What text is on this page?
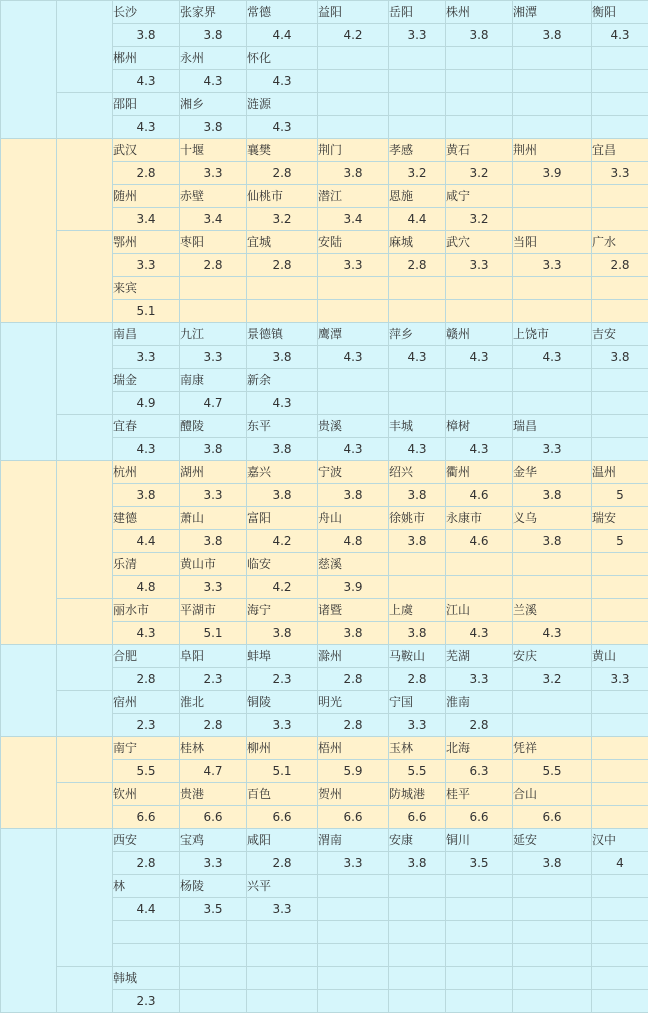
		长沙	张家界	常德	益阳	岳阳	株州	湘潭	衡阳
		3.8	3.8	4.4	4.2	3.3	3.8	3.8	4.3
		郴州	永州	怀化					
		4.3	4.3	4.3					
		邵阳	湘乡	涟源					
		4.3	3.8	4.3					
		武汉	十堰	襄樊	荆门	孝感	黄石	荆州	宜昌
		2.8	3.3	2.8	3.8	3.2	3.2	3.9	3.3
		随州	赤壁	仙桃市	潜江	恩施	咸宁		
		3.4	3.4	3.2	3.4	4.4	3.2		
		鄂州	枣阳	宜城	安陆	麻城	武穴	当阳	广水
		3.3	2.8	2.8	3.3	2.8	3.3	3.3	2.8
		来宾							
		5.1							
		南昌	九江	景德镇	鹰潭	萍乡	赣州	上饶市	吉安
		3.3	3.3	3.8	4.3	4.3	4.3	4.3	3.8
		瑞金	南康	新余					
		4.9	4.7	4.3					
		宜春	醴陵	东平	贵溪	丰城	樟树	瑞昌	
		4.3	3.8	3.8	4.3	4.3	4.3	3.3	
		杭州	湖州	嘉兴	宁波	绍兴	衢州	金华	温州
		3.8	3.3	3.8	3.8	3.8	4.6	3.8	5
		建德	萧山	富阳	舟山	徐姚市	永康市	义乌	瑞安
		4.4	3.8	4.2	4.8	3.8	4.6	3.8	5
		乐清	黄山市	临安	慈溪				
		4.8	3.3	4.2	3.9				
		丽水市	平湖市	海宁	诸暨	上虞	江山	兰溪	
		4.3	5.1	3.8	3.8	3.8	4.3	4.3	
		合肥	阜阳	蚌埠	滁州	马鞍山	芜湖	安庆	黄山
		2.8	2.3	2.3	2.8	2.8	3.3	3.2	3.3
		宿州	淮北	铜陵	明光	宁国	淮南		
		2.3	2.8	3.3	2.8	3.3	2.8		
		南宁	桂林	柳州	梧州	玉林	北海	凭祥	
		5.5	4.7	5.1	5.9	5.5	6.3	5.5	
		钦州	贵港	百色	贺州	防城港	桂平	合山	
		6.6	6.6	6.6	6.6	6.6	6.6	6.6	
		西安	宝鸡	咸阳	渭南	安康	铜川	延安	汉中
		2.8	3.3	2.8	3.3	3.8	3.5	3.8	4
		林	杨陵	兴平					
		4.4	3.5	3.3					

		韩城							
		2.3							
